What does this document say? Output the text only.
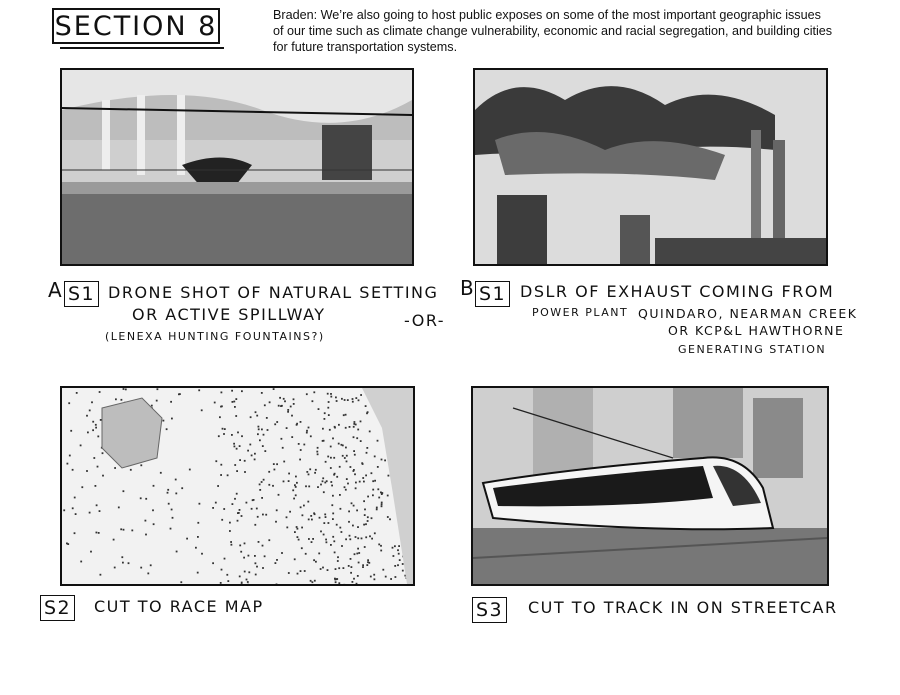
SECTION 8	Braden: We’re also going to host public exposes on some of the most important geographic issues of our time such as climate change vulnerability, economic and racial segregation, and building cities for future transportation systems.
A S1 DRONE SHOT OF NATURAL SETTING
OR ACTIVE SPILLWAY
(LENEXA HUNTING FOUNTAINS?)
-OR-
B S1 DSLR OF EXHAUST COMING FROM
POWER PLANT QUINDARO, NEARMAN CREEK
OR KCP&L HAWTHORNE
GENERATING STATION
S2 CUT TO RACE MAP	S3 CUT TO TRACK IN ON STREETCAR
